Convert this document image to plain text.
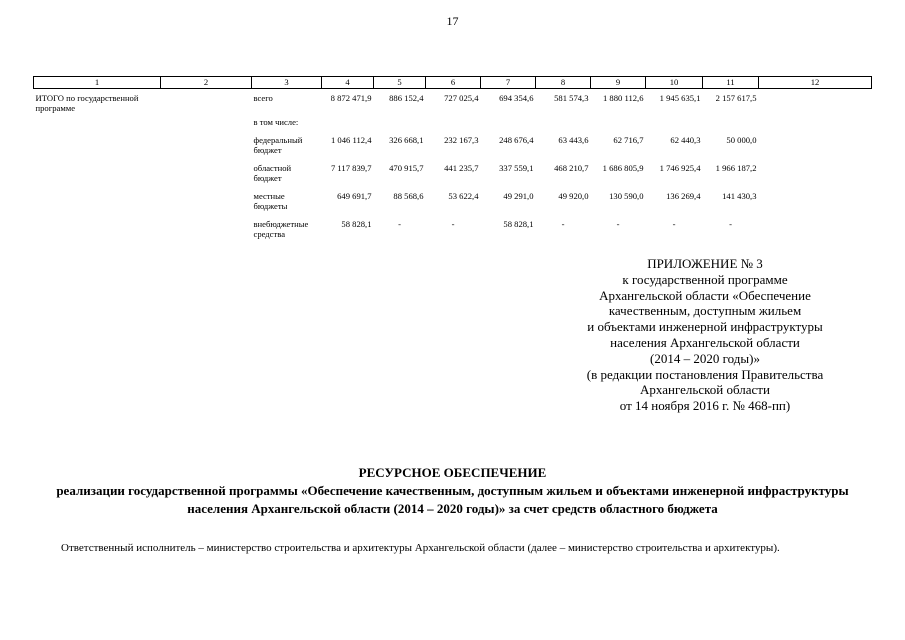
17
1	2	3	4	5	6	7	8	9	10	11	12
ИТОГО по государственной программе		всего	8 872 471,9	886 152,4	727 025,4	694 354,6	581 574,3	1 880 112,6	1 945 635,1	2 157 617,5	
		в том числе:									
		федеральный бюджет	1 046 112,4	326 668,1	232 167,3	248 676,4	63 443,6	62 716,7	62 440,3	50 000,0	
		областной бюджет	7 117 839,7	470 915,7	441 235,7	337 559,1	468 210,7	1 686 805,9	1 746 925,4	1 966 187,2	
		местные бюджеты	649 691,7	88 568,6	53 622,4	49 291,0	49 920,0	130 590,0	136 269,4	141 430,3	
		внебюджетные средства	58 828,1	-	-	58 828,1	-	-	-	-	
ПРИЛОЖЕНИЕ № 3
к государственной программе
Архангельской области «Обеспечение
качественным, доступным жильем
и объектами инженерной инфраструктуры
населения Архангельской области
(2014 – 2020 годы)»
(в редакции постановления Правительства
Архангельской области
от 14 ноября 2016 г. № 468-пп)
РЕСУРСНОЕ ОБЕСПЕЧЕНИЕ
реализации государственной программы «Обеспечение качественным, доступным жильем и объектами инженерной инфраструктуры населения Архангельской области (2014 – 2020 годы)» за счет средств областного бюджета
Ответственный исполнитель – министерство строительства и архитектуры Архангельской области (далее – министерство строительства и архитектуры).
